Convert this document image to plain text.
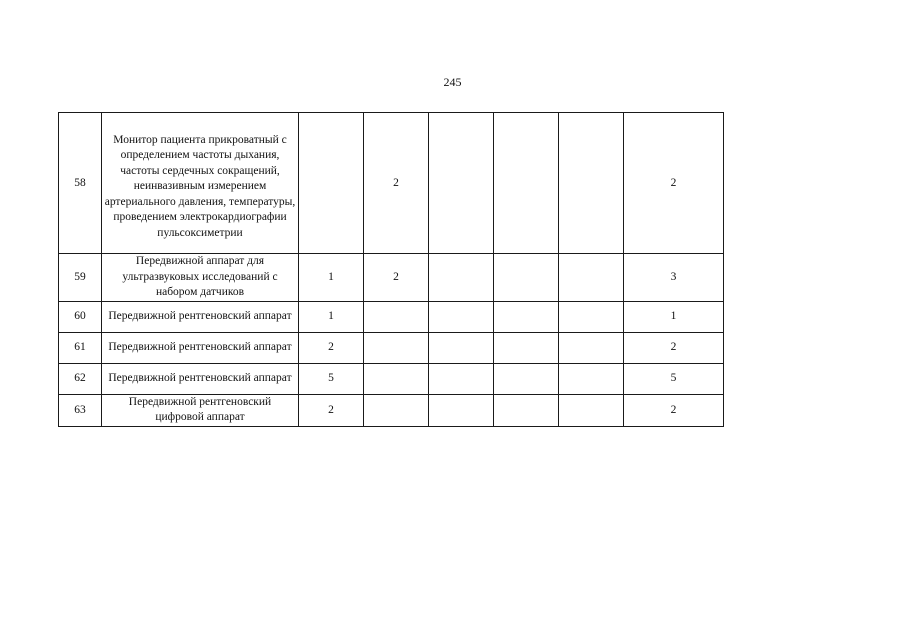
245
58	Монитор пациента прикроватный с определением частоты дыхания, частоты сердечных сокращений, неинвазивным измерением артериального давления, температуры, проведением электрокардиографии пульсоксиметрии		2				2
59	Передвижной аппарат для ультразвуковых исследований с набором датчиков	1	2				3
60	Передвижной рентгеновский аппарат	1					1
61	Передвижной рентгеновский аппарат	2					2
62	Передвижной рентгеновский аппарат	5					5
63	Передвижной рентгеновский цифровой аппарат	2					2
